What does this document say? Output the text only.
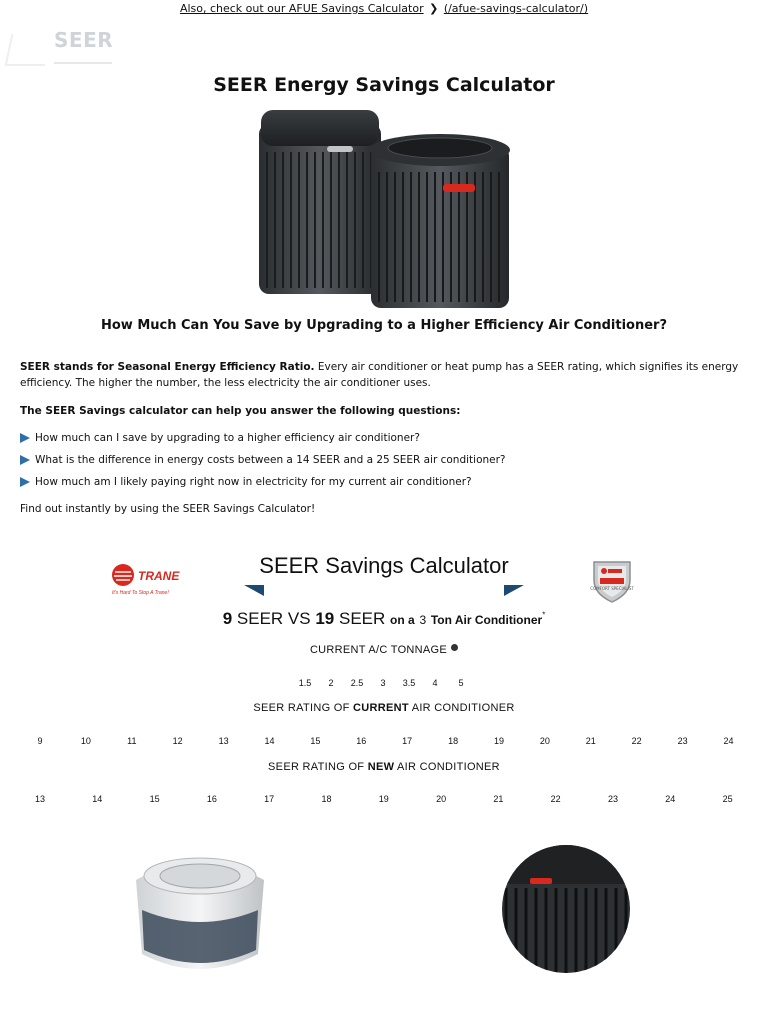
Also, check out our AFUE Savings Calculator ❯ (/afue-savings-calculator/)
SEER
SEER Energy Savings Calculator
How Much Can You Save by Upgrading to a Higher Efficiency Air Conditioner?

SEER stands for Seasonal Energy Efficiency Ratio. Every air conditioner or heat pump has a SEER rating, which signifies its energy efficiency. The higher the number, the less electricity the air conditioner uses.

The SEER Savings calculator can help you answer the following questions:

How much can I save by upgrading to a higher efficiency air conditioner?
What is the difference in energy costs between a 14 SEER and a 25 SEER air conditioner?
How much am I likely paying right now in electricity for my current air conditioner?

Find out instantly by using the SEER Savings Calculator!

TRANE
It's Hard To Stop A Trane!
COMFORT SPECIALIST
SEER Savings Calculator
9 SEER VS 19 SEER on a 3 Ton Air Conditioner*
CURRENT A/C TONNAGE
1.5 2 2.5 3 3.5 4 5
SEER RATING OF CURRENT AIR CONDITIONER
9	10	11	12	13	14	15	16	17	18	19	20	21	22	23	24
SEER RATING OF NEW AIR CONDITIONER
13	14	15	16	17	18	19	20	21	22	23	24	25
